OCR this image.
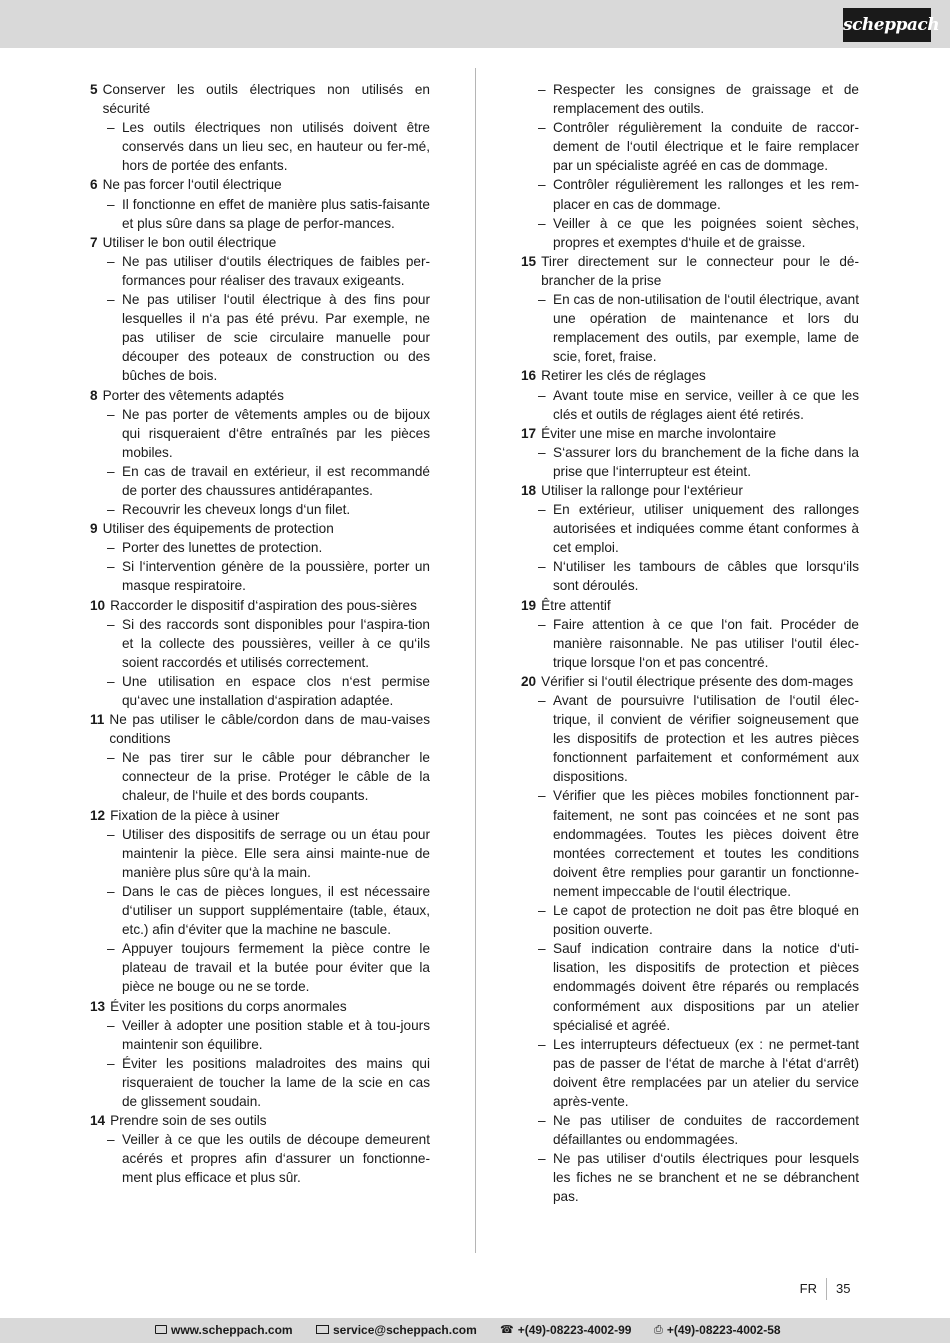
scheppach
5 Conserver les outils électriques non utilisés en sécurité
– Les outils électriques non utilisés doivent être conservés dans un lieu sec, en hauteur ou fer-mé, hors de portée des enfants.
6 Ne pas forcer l‘outil électrique
– Il fonctionne en effet de manière plus satis-faisante et plus sûre dans sa plage de perfor-mances.
7 Utiliser le bon outil électrique
– Ne pas utiliser d‘outils électriques de faibles per-formances pour réaliser des travaux exigeants.
– Ne pas utiliser l‘outil électrique à des fins pour lesquelles il n‘a pas été prévu. Par exemple, ne pas utiliser de scie circulaire manuelle pour découper des poteaux de construction ou des bûches de bois.
8 Porter des vêtements adaptés
– Ne pas porter de vêtements amples ou de bijoux qui risqueraient d‘être entraînés par les pièces mobiles.
– En cas de travail en extérieur, il est recommandé de porter des chaussures antidérapantes.
– Recouvrir les cheveux longs d‘un filet.
9 Utiliser des équipements de protection
– Porter des lunettes de protection.
– Si l‘intervention génère de la poussière, porter un masque respiratoire.
10 Raccorder le dispositif d‘aspiration des pous-sières
– Si des raccords sont disponibles pour l‘aspira-tion et la collecte des poussières, veiller à ce qu‘ils soient raccordés et utilisés correctement.
– Une utilisation en espace clos n‘est permise qu‘avec une installation d‘aspiration adaptée.
11 Ne pas utiliser le câble/cordon dans de mau-vaises conditions
– Ne pas tirer sur le câble pour débrancher le connecteur de la prise. Protéger le câble de la chaleur, de l‘huile et des bords coupants.
12 Fixation de la pièce à usiner
– Utiliser des dispositifs de serrage ou un étau pour maintenir la pièce. Elle sera ainsi mainte-nue de manière plus sûre qu‘à la main.
– Dans le cas de pièces longues, il est nécessaire d‘utiliser un support supplémentaire (table, étaux, etc.) afin d‘éviter que la machine ne bascule.
– Appuyer toujours fermement la pièce contre le plateau de travail et la butée pour éviter que la pièce ne bouge ou ne se torde.
13 Éviter les positions du corps anormales
– Veiller à adopter une position stable et à tou-jours maintenir son équilibre.
– Éviter les positions maladroites des mains qui risqueraient de toucher la lame de la scie en cas de glissement soudain.
14 Prendre soin de ses outils
– Veiller à ce que les outils de découpe demeurent acérés et propres afin d‘assurer un fonctionne-ment plus efficace et plus sûr.
– Respecter les consignes de graissage et de remplacement des outils.
– Contrôler régulièrement la conduite de raccor-dement de l‘outil électrique et le faire remplacer par un spécialiste agréé en cas de dommage.
– Contrôler régulièrement les rallonges et les rem-placer en cas de dommage.
– Veiller à ce que les poignées soient sèches, propres et exemptes d‘huile et de graisse.
15 Tirer directement sur le connecteur pour le dé-brancher de la prise
– En cas de non-utilisation de l‘outil électrique, avant une opération de maintenance et lors du remplacement des outils, par exemple, lame de scie, foret, fraise.
16 Retirer les clés de réglages
– Avant toute mise en service, veiller à ce que les clés et outils de réglages aient été retirés.
17 Éviter une mise en marche involontaire
– S‘assurer lors du branchement de la fiche dans la prise que l‘interrupteur est éteint.
18 Utiliser la rallonge pour l‘extérieur
– En extérieur, utiliser uniquement des rallonges autorisées et indiquées comme étant conformes à cet emploi.
– N‘utiliser les tambours de câbles que lorsqu‘ils sont déroulés.
19 Être attentif
– Faire attention à ce que l‘on fait. Procéder de manière raisonnable. Ne pas utiliser l‘outil élec-trique lorsque l‘on et pas concentré.
20 Vérifier si l‘outil électrique présente des dom-mages
– Avant de poursuivre l‘utilisation de l‘outil élec-trique, il convient de vérifier soigneusement que les dispositifs de protection et les autres pièces fonctionnent parfaitement et conformément aux dispositions.
– Vérifier que les pièces mobiles fonctionnent par-faitement, ne sont pas coincées et ne sont pas endommagées. Toutes les pièces doivent être montées correctement et toutes les conditions doivent être remplies pour garantir un fonctionne-nement impeccable de l‘outil électrique.
– Le capot de protection ne doit pas être bloqué en position ouverte.
– Sauf indication contraire dans la notice d‘uti-lisation, les dispositifs de protection et pièces endommagés doivent être réparés ou remplacés conformément aux dispositions par un atelier spécialisé et agréé.
– Les interrupteurs défectueux (ex : ne permet-tant pas de passer de l‘état de marche à l‘état d‘arrêt) doivent être remplacées par un atelier du service après-vente.
– Ne pas utiliser de conduites de raccordement défaillantes ou endommagées.
– Ne pas utiliser d‘outils électriques pour lesquels les fiches ne se branchent et ne se débranchent pas.
FR 35
www.scheppach.com	service@scheppach.com ☎ +(49)-08223-4002-99 ⎙ +(49)-08223-4002-58
